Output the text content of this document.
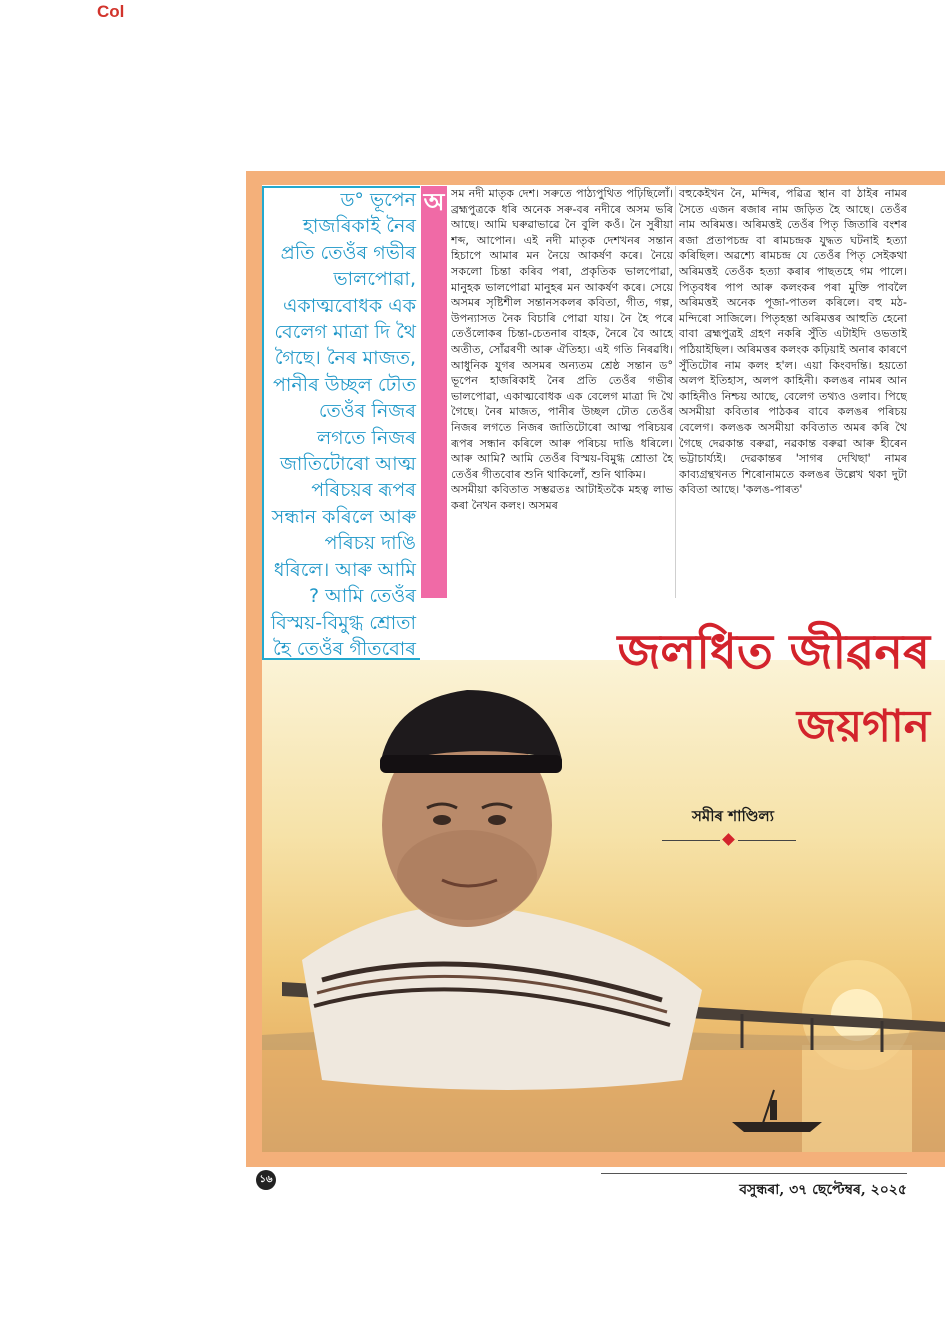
Col
ড° ভূপেন হাজৰিকাই নৈৰ প্ৰতি তেওঁৰ গভীৰ ভালপোৱা, একাত্মবোধক এক বেলেগ মাত্ৰা দি থৈ গৈছে। নৈৰ মাজত, পানীৰ উচ্ছল ঢৌত তেওঁৰ নিজৰ লগতে নিজৰ জাতিটোৰো আত্ম পৰিচয়ৰ ৰূপৰ সন্ধান কৰিলে আৰু পৰিচয় দাঙি ধৰিলে। আৰু আমি ? আমি তেওঁৰ বিস্ময়-বিমুগ্ধ শ্ৰোতা হৈ তেওঁৰ গীতবোৰ
অ সম নদী মাতৃক দেশ। সৰুতে পাঠ্যপুথিত পঢ়িছিলোঁ। ব্ৰহ্মপুত্ৰকে ধৰি অনেক সৰু-বৰ নদীৰে অসম ভৰি আছে। আমি ঘৰুৱাভাৱে নৈ বুলি কওঁ। নৈ সুৰীয়া শব্দ, আপোন। এই নদী মাতৃক দেশখনৰ সন্তান হিচাপে আমাৰ মন নৈয়ে আকৰ্ষণ কৰে। নৈয়ে সকলো চিন্তা কৰিব পৰা, প্ৰকৃতিক ভালপোৱা, মানুহক ভালপোৱা মানুহৰ মন আকৰ্ষণ কৰে। সেয়ে অসমৰ সৃষ্টিশীল সন্তানসকলৰ কবিতা, গীত, গল্প, উপন্যাসত নৈক বিচাৰি পোৱা যায়। নৈ হৈ পৰে তেওঁলোকৰ চিন্তা-চেতনাৰ বাহক, নৈৰে বৈ আহে অতীত, সোঁৱৰণী আৰু ঐতিহ্য। এই গতি নিৰৱধি। আধুনিক যুগৰ অসমৰ অন্যতম শ্ৰেষ্ঠ সন্তান ড° ভূপেন হাজৰিকাই নৈৰ প্ৰতি তেওঁৰ গভীৰ ভালপোৱা, একাত্মবোধক এক বেলেগ মাত্ৰা দি থৈ গৈছে। নৈৰ মাজত, পানীৰ উচ্ছল ঢৌত তেওঁৰ নিজৰ লগতে নিজৰ জাতিটোৰো আত্ম পৰিচয়ৰ ৰূপৰ সন্ধান কৰিলে আৰু পৰিচয় দাঙি ধৰিলে। আৰু আমি? আমি তেওঁৰ বিস্ময়-বিমুগ্ধ শ্ৰোতা হৈ তেওঁৰ গীতবোৰ শুনি থাকিলোঁ, শুনি থাকিম।
অসমীয়া কবিতাত সম্ভৱতঃ আটাইতকৈ মহত্ব লাভ কৰা নৈখন কলং। অসমৰ
বহুকেইখন নৈ, মন্দিৰ, পৱিত্ৰ স্থান বা ঠাইৰ নামৰ সৈতে এজন ৰজাৰ নাম জড়িত হৈ আছে। তেওঁৰ নাম অৰিমত্ত। অৰিমত্তই তেওঁৰ পিতৃ জিতাৰি বংশৰ ৰজা প্ৰতাপচন্দ্ৰ বা ৰামচন্দ্ৰক যুদ্ধত ঘটনাই হত্যা কৰিছিল। অৱশ্যে ৰামচন্দ্ৰ যে তেওঁৰ পিতৃ সেইকথা অৰিমত্তই তেওঁক হত্যা কৰাৰ পাছতহে গম পালে। পিতৃবধৰ পাপ আৰু কলংকৰ পৰা মুক্তি পাবলৈ অৰিমত্তই অনেক পূজা-পাতল কৰিলে। বহু মঠ-মন্দিৰো সাজিলে। পিতৃহন্তা অৰিমত্তৰ আহুতি হেনো বাবা ব্ৰহ্মপুত্ৰই গ্ৰহণ নকৰি সুঁতি এটাইদি ওভতাই পঠিয়াইছিল। অৰিমত্তৰ কলংক কঢ়িয়াই অনাৰ কাৰণে সুঁতিটোৰ নাম কলং হ'ল। এয়া কিংবদন্তি। হয়তো অলপ ইতিহাস, অলপ কাহিনী। কলঙৰ নামৰ আন কাহিনীও নিশ্চয় আছে, বেলেগ তথ্যও ওলাব। পিছে অসমীয়া কবিতাৰ পাঠকৰ বাবে কলঙৰ পৰিচয় বেলেগ। কলঙক অসমীয়া কবিতাত অমৰ কৰি থৈ গৈছে দেৱকান্ত বৰুৱা, নৱকান্ত বৰুৱা আৰু হীৰেন ভট্টাচাৰ্য্যই। দেৱকান্তৰ 'সাগৰ দেখিছা' নামৰ কাব্যগ্ৰন্থখনত শিৰোনামতে কলঙৰ উল্লেখ থকা দুটা কবিতা আছে। 'কলঙ-পাৰত'
জলধিত জীৱনৰ
জয়গান
সমীৰ শাণ্ডিল্য
১৬
বসুন্ধৰা, ৩৭ ছেপ্টেম্বৰ, ২০২৫
